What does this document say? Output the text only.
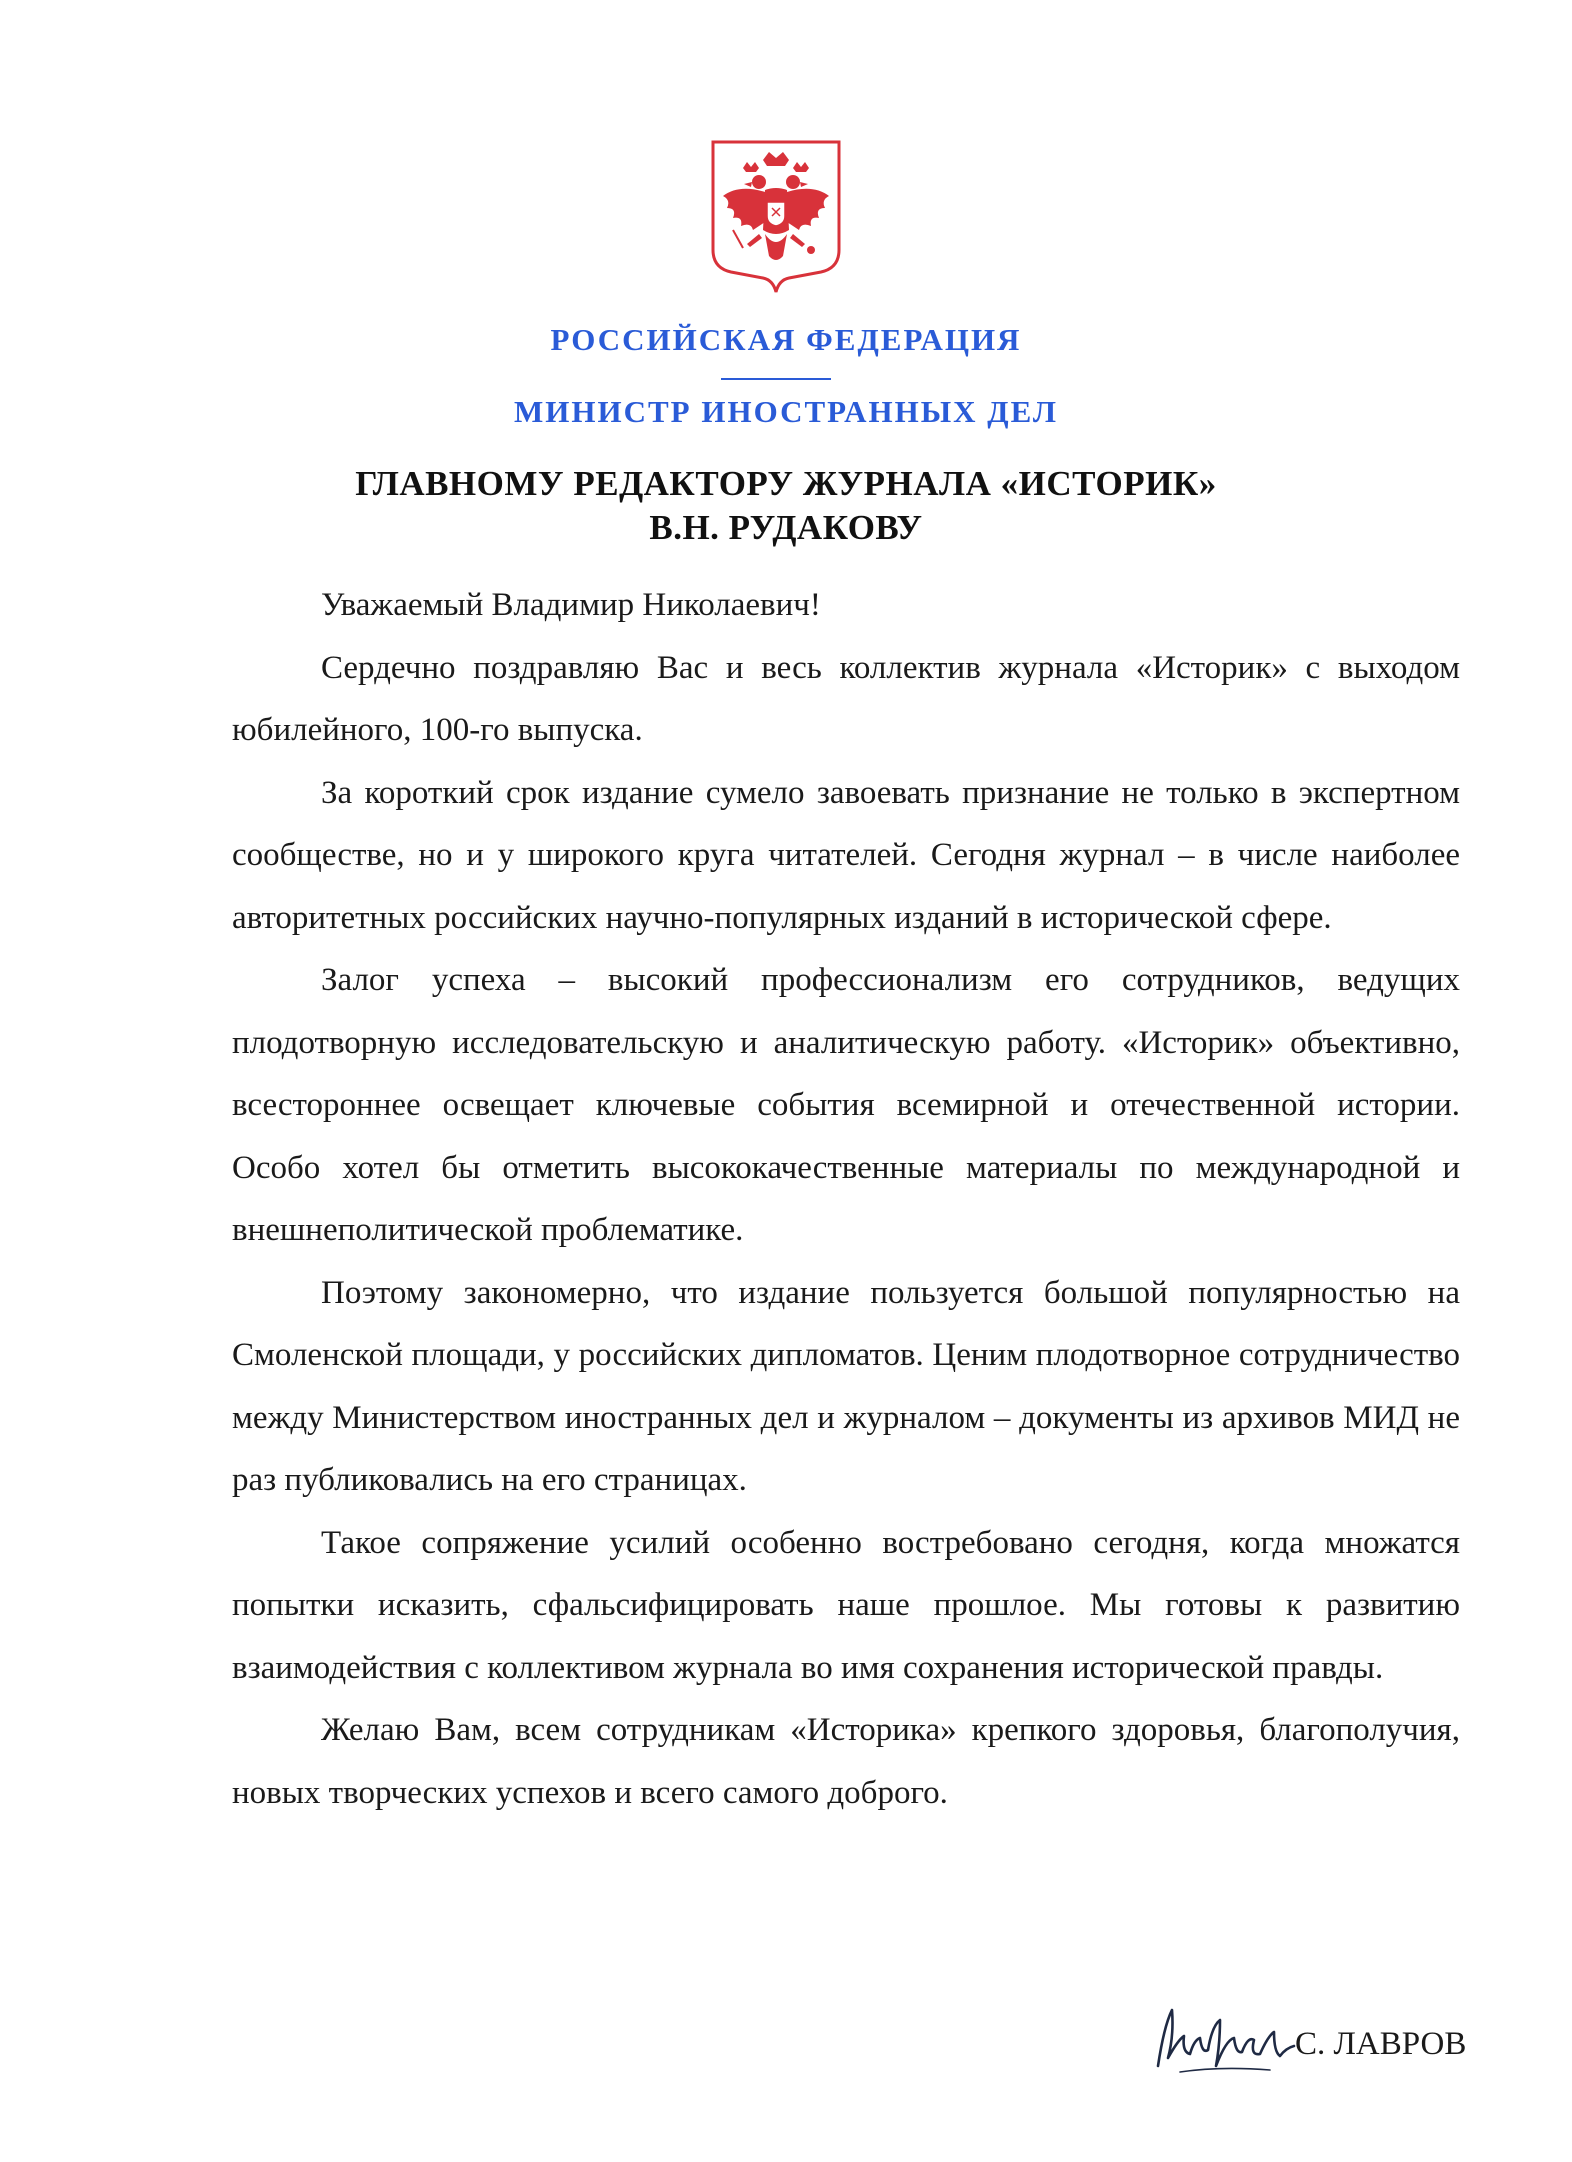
РОССИЙСКАЯ ФЕДЕРАЦИЯ
МИНИСТР ИНОСТРАННЫХ ДЕЛ
ГЛАВНОМУ РЕДАКТОРУ ЖУРНАЛА «ИСТОРИК»
В.Н. РУДАКОВУ

Уважаемый Владимир Николаевич!

Сердечно поздравляю Вас и весь коллектив журнала «Историк» с выходом юбилейного, 100-го выпуска.

За короткий срок издание сумело завоевать признание не только в экспертном сообществе, но и у широкого круга читателей. Сегодня журнал – в числе наиболее авторитетных российских научно-популярных изданий в исторической сфере.

Залог успеха – высокий профессионализм его сотрудников, ведущих плодотворную исследовательскую и аналитическую работу. «Историк» объективно, всестороннее освещает ключевые события всемирной и отечественной истории. Особо хотел бы отметить высококачественные материалы по международной и внешнеполитической проблематике.

Поэтому закономерно, что издание пользуется большой популярностью на Смоленской площади, у российских дипломатов. Ценим плодотворное сотрудничество между Министерством иностранных дел и журналом – документы из архивов МИД не раз публиковались на его страницах.

Такое сопряжение усилий особенно востребовано сегодня, когда множатся попытки исказить, сфальсифицировать наше прошлое. Мы готовы к развитию взаимодействия с коллективом журнала во имя сохранения исторической правды.

Желаю Вам, всем сотрудникам «Историка» крепкого здоровья, благополучия, новых творческих успехов и всего самого доброго.

С. ЛАВРОВ
